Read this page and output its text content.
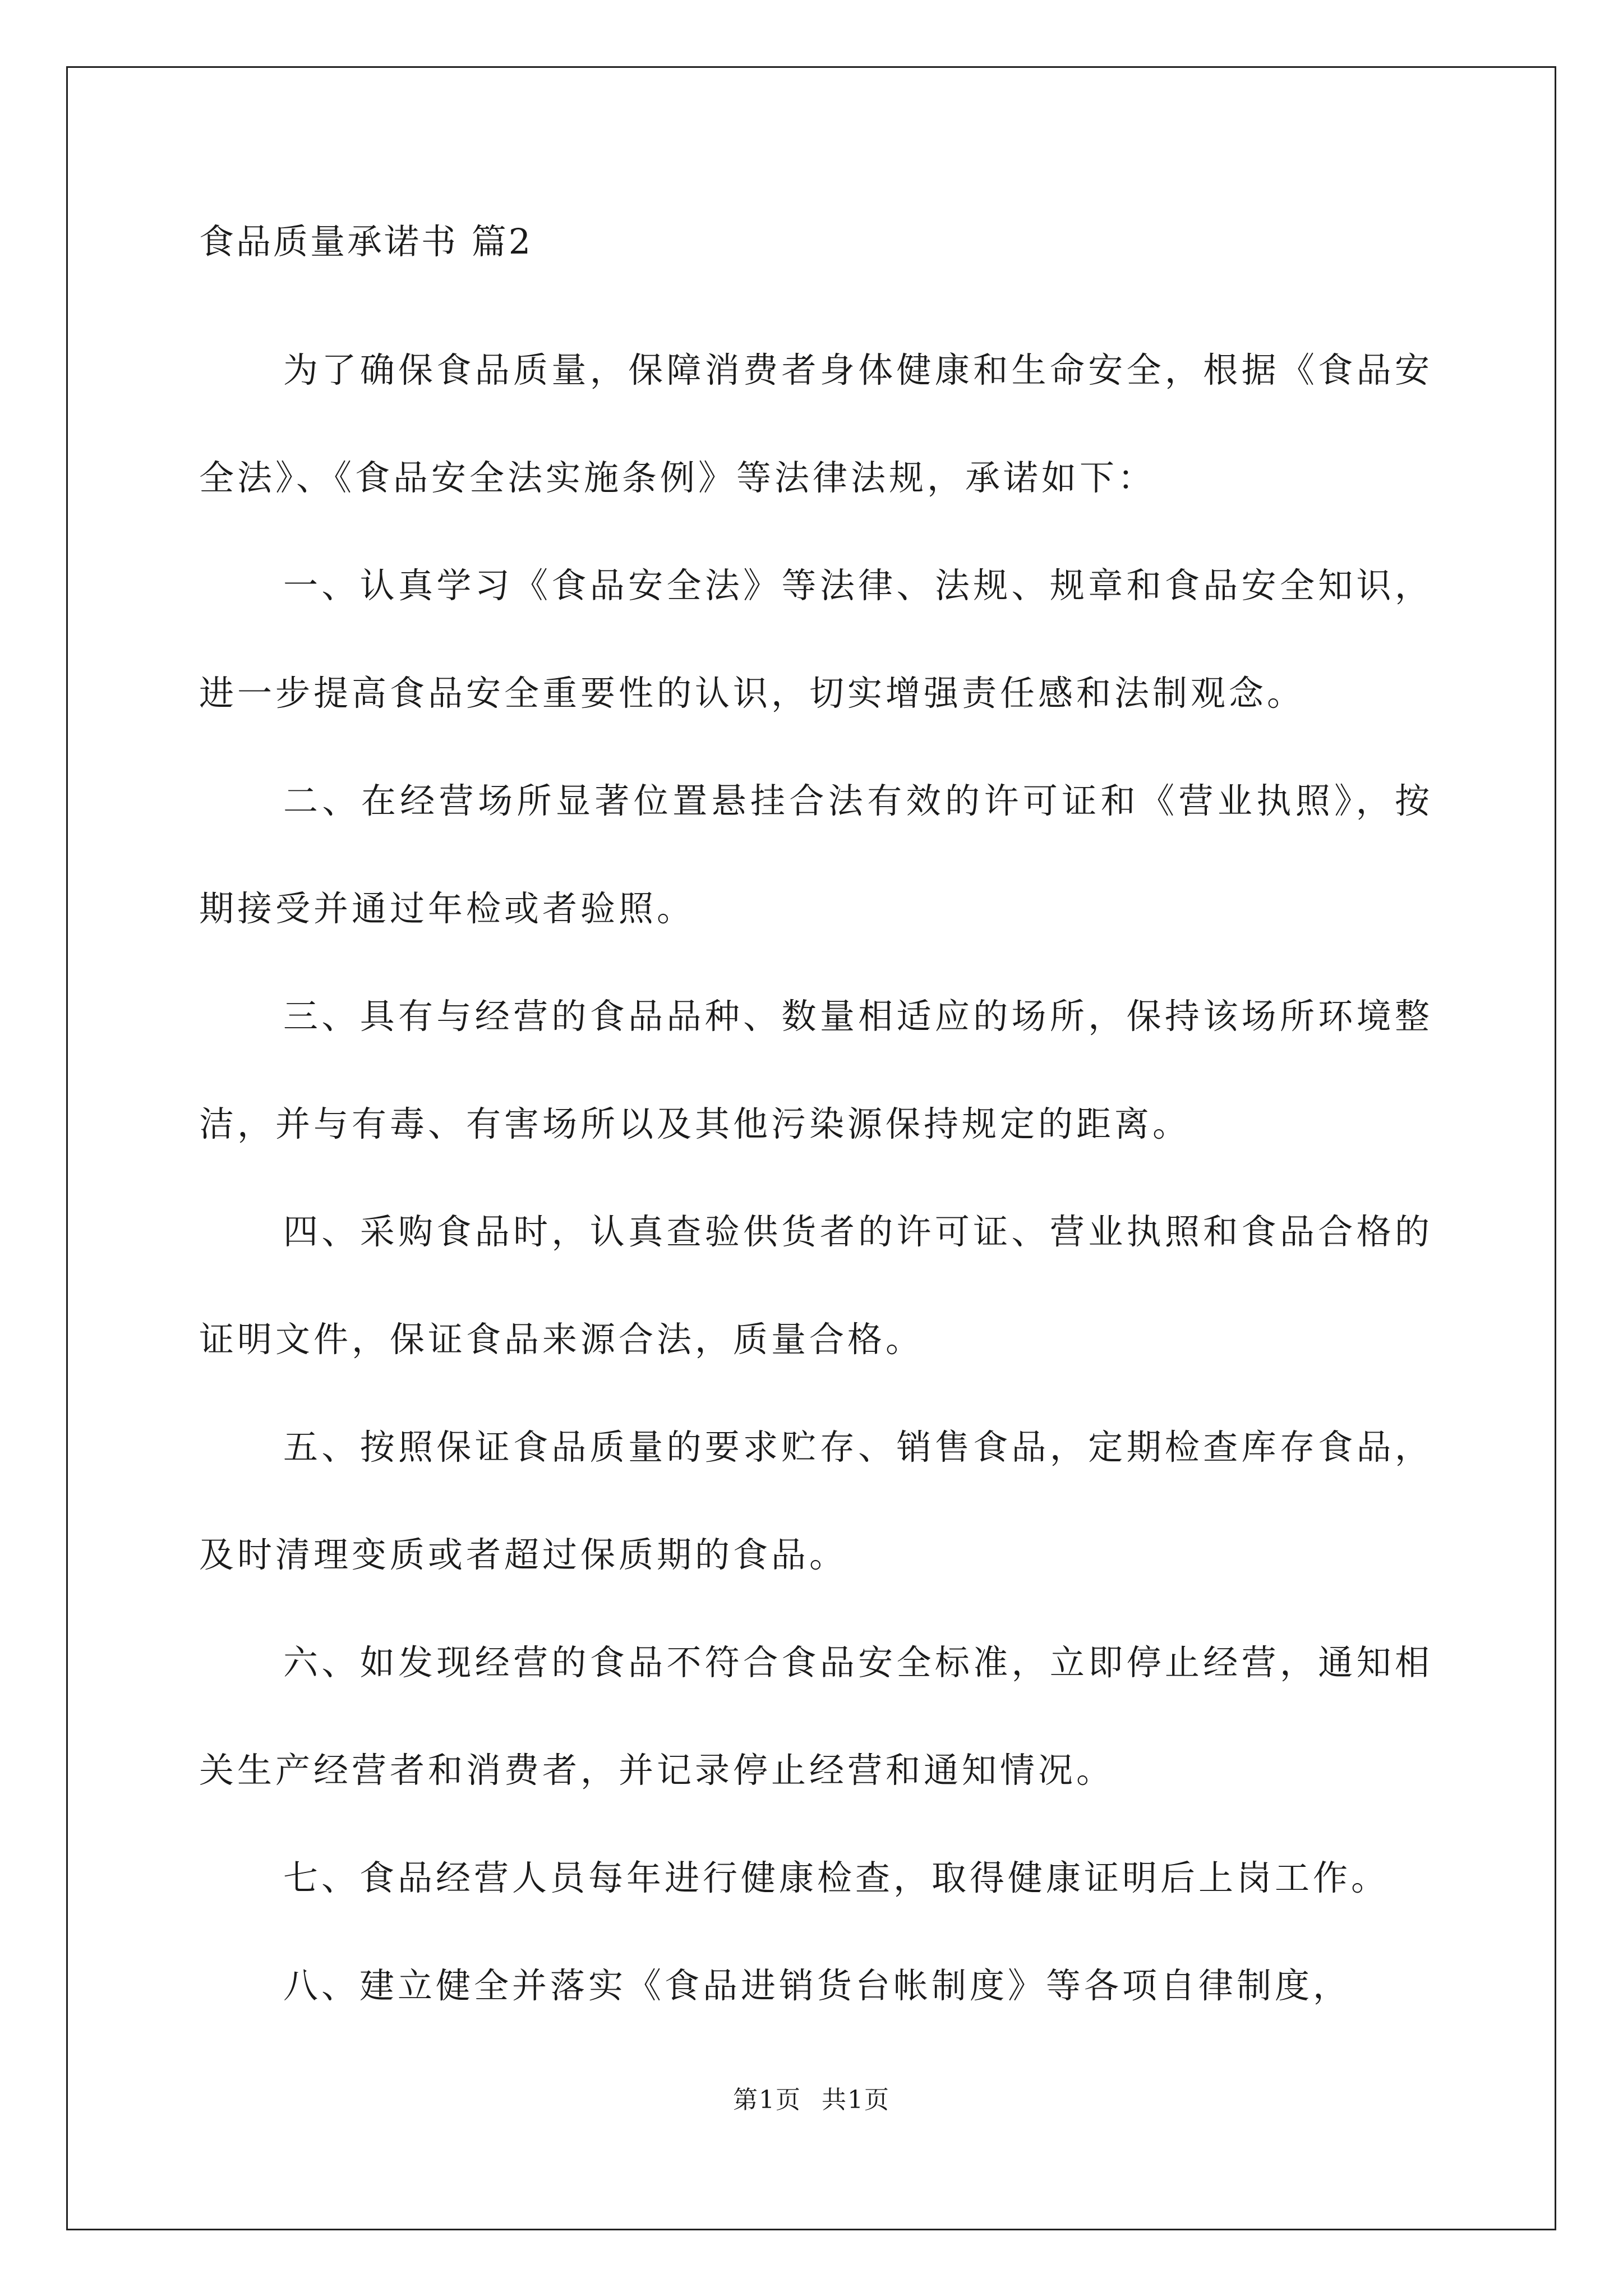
食品质量承诺书 篇2

为了确保食品质量，保障消费者身体健康和生命安全，根据《食品安全法》、《食品安全法实施条例》等法律法规，承诺如下：

一、认真学习《食品安全法》等法律、法规、规章和食品安全知识，进一步提高食品安全重要性的认识，切实增强责任感和法制观念。

二、在经营场所显著位置悬挂合法有效的许可证和《营业执照》，按期接受并通过年检或者验照。

三、具有与经营的食品品种、数量相适应的场所，保持该场所环境整洁，并与有毒、有害场所以及其他污染源保持规定的距离。

四、采购食品时，认真查验供货者的许可证、营业执照和食品合格的证明文件，保证食品来源合法，质量合格。

五、按照保证食品质量的要求贮存、销售食品，定期检查库存食品，及时清理变质或者超过保质期的食品。

六、如发现经营的食品不符合食品安全标准，立即停止经营，通知相关生产经营者和消费者，并记录停止经营和通知情况。

七、食品经营人员每年进行健康检查，取得健康证明后上岗工作。

八、建立健全并落实《食品进销货台帐制度》等各项自律制度，

第1页 共1页
